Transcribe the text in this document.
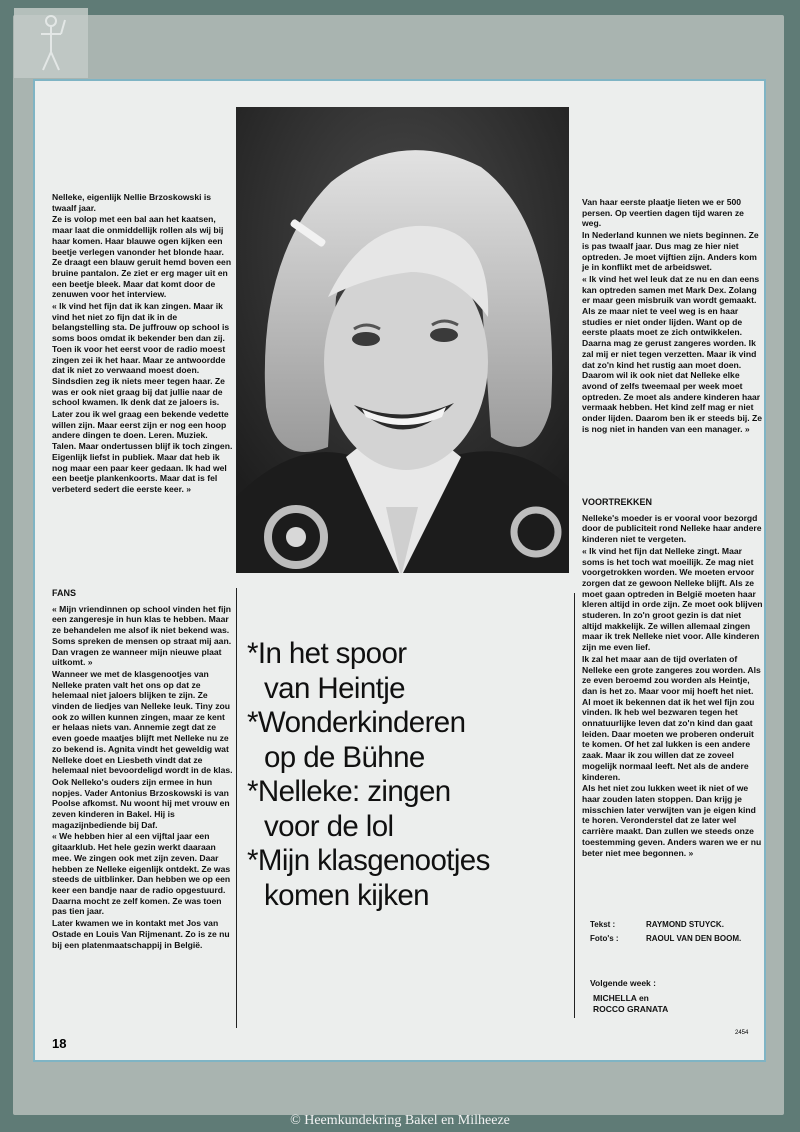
Nelleke, eigenlijk Nellie Brzoskowski is twaalf jaar.

Ze is volop met een bal aan het kaatsen, maar laat die onmiddellijk rollen als wij bij haar komen. Haar blauwe ogen kijken een beetje verlegen vanonder het blonde haar. Ze draagt een blauw geruit hemd boven een bruine pantalon. Ze ziet er erg mager uit en een beetje bleek. Maar dat komt door de zenuwen voor het interview.

« Ik vind het fijn dat ik kan zingen. Maar ik vind het niet zo fijn dat ik in de belangstelling sta. De juffrouw op school is soms boos omdat ik bekender ben dan zij. Toen ik voor het eerst voor de radio moest zingen zei ik het haar. Maar ze antwoordde dat ik niet zo verwaand moest doen. Sindsdien zeg ik niets meer tegen haar. Ze was er ook niet graag bij dat jullie naar de school kwamen. Ik denk dat ze jaloers is.

Later zou ik wel graag een bekende vedette willen zijn. Maar eerst zijn er nog een hoop andere dingen te doen. Leren. Muziek. Talen. Maar ondertussen blijf ik toch zingen. Eigenlijk liefst in publiek. Maar dat heb ik nog maar een paar keer gedaan. Ik had wel een beetje plankenkoorts. Maar dat is fel verbeterd sedert die eerste keer. »

FANS

« Mijn vriendinnen op school vinden het fijn een zangeresje in hun klas te hebben. Maar ze behandelen me alsof ik niet bekend was. Soms spreken de mensen op straat mij aan. Dan vragen ze wanneer mijn nieuwe plaat uitkomt. »

Wanneer we met de klasgenootjes van Nelleke praten valt het ons op dat ze helemaal niet jaloers blijken te zijn. Ze vinden de liedjes van Nelleke leuk. Tiny zou ook zo willen kunnen zingen, maar ze kent er helaas niets van. Annemie zegt dat ze even goede maatjes blijft met Nelleke nu ze zo bekend is. Agnita vindt het geweldig wat Nelleke doet en Liesbeth vindt dat ze helemaal niet bevoordeligd wordt in de klas.

Ook Nelleko's ouders zijn ermee in hun nopjes. Vader Antonius Brzoskowski is van Poolse afkomst. Nu woont hij met vrouw en zeven kinderen in Bakel. Hij is magazijnbediende bij Daf.

« We hebben hier al een vijftal jaar een gitaarklub. Het hele gezin werkt daaraan mee. We zingen ook met zijn zeven. Daar hebben ze Nelleke eigenlijk ontdekt. Ze was steeds de uitblinker. Dan hebben we op een keer een bandje naar de radio opgestuurd. Daarna mocht ze zelf komen. Ze was toen pas tien jaar.

Later kwamen we in kontakt met Jos van Ostade en Louis Van Rijmenant. Zo is ze nu bij een platenmaatschappij in België.

Van haar eerste plaatje lieten we er 500 persen. Op veertien dagen tijd waren ze weg.

In Nederland kunnen we niets beginnen. Ze is pas twaalf jaar. Dus mag ze hier niet optreden. Je moet vijftien zijn. Anders kom je in konflikt met de arbeidswet.

« Ik vind het wel leuk dat ze nu en dan eens kan optreden samen met Mark Dex. Zolang er maar geen misbruik van wordt gemaakt. Als ze maar niet te veel weg is en haar studies er niet onder lijden. Want op de eerste plaats moet ze zich ontwikkelen. Daarna mag ze gerust zangeres worden. Ik zal mij er niet tegen verzetten. Maar ik vind dat zo'n kind het rustig aan moet doen. Daarom wil ik ook niet dat Nelleke elke avond of zelfs tweemaal per week moet optreden. Ze moet als andere kinderen haar vermaak hebben. Het kind zelf mag er niet onder lijden. Daarom ben ik er steeds bij. Ze is nog niet in handen van een manager. »

VOORTREKKEN

Nelleke's moeder is er vooral voor bezorgd door de publiciteit rond Nelleke haar andere kinderen niet te vergeten.

« Ik vind het fijn dat Nelleke zingt. Maar soms is het toch wat moeilijk. Ze mag niet voorgetrokken worden. We moeten ervoor zorgen dat ze gewoon Nelleke blijft. Als ze moet gaan optreden in België moeten haar kleren altijd in orde zijn. Ze moet ook blijven studeren. In zo'n groot gezin is dat niet altijd makkelijk. Ze willen allemaal zingen maar ik trek Nelleke niet voor. Alle kinderen zijn me even lief.

Ik zal het maar aan de tijd overlaten of Nelleke een grote zangeres zou worden. Als ze even beroemd zou worden als Heintje, dan is het zo. Maar voor mij hoeft het niet. Al moet ik bekennen dat ik het wel fijn zou vinden. Ik heb wel bezwaren tegen het onnatuurlijke leven dat zo'n kind dan gaat leiden. Daar moeten we proberen onderuit te komen. Of het zal lukken is een andere zaak. Maar ik zou willen dat ze zoveel mogelijk normaal leeft. Net als de andere kinderen.

Als het niet zou lukken weet ik niet of we haar zouden laten stoppen. Dan krijg je misschien later verwijten van je eigen kind te horen. Veronderstel dat ze later wel carrière maakt. Dan zullen we steeds onze toestemming geven. Anders waren we er nu beter niet mee begonnen. »

*In het spoor
van Heintje
*Wonderkinderen
op de Bühne
*Nelleke: zingen
voor de lol
*Mijn klasgenootjes
komen kijken
Tekst :	RAYMOND STUYCK.
Foto's :	RAOUL VAN DEN BOOM.
Volgende week :
MICHELLA en
ROCCO GRANATA
18
2454
© Heemkundekring Bakel en Milheeze
